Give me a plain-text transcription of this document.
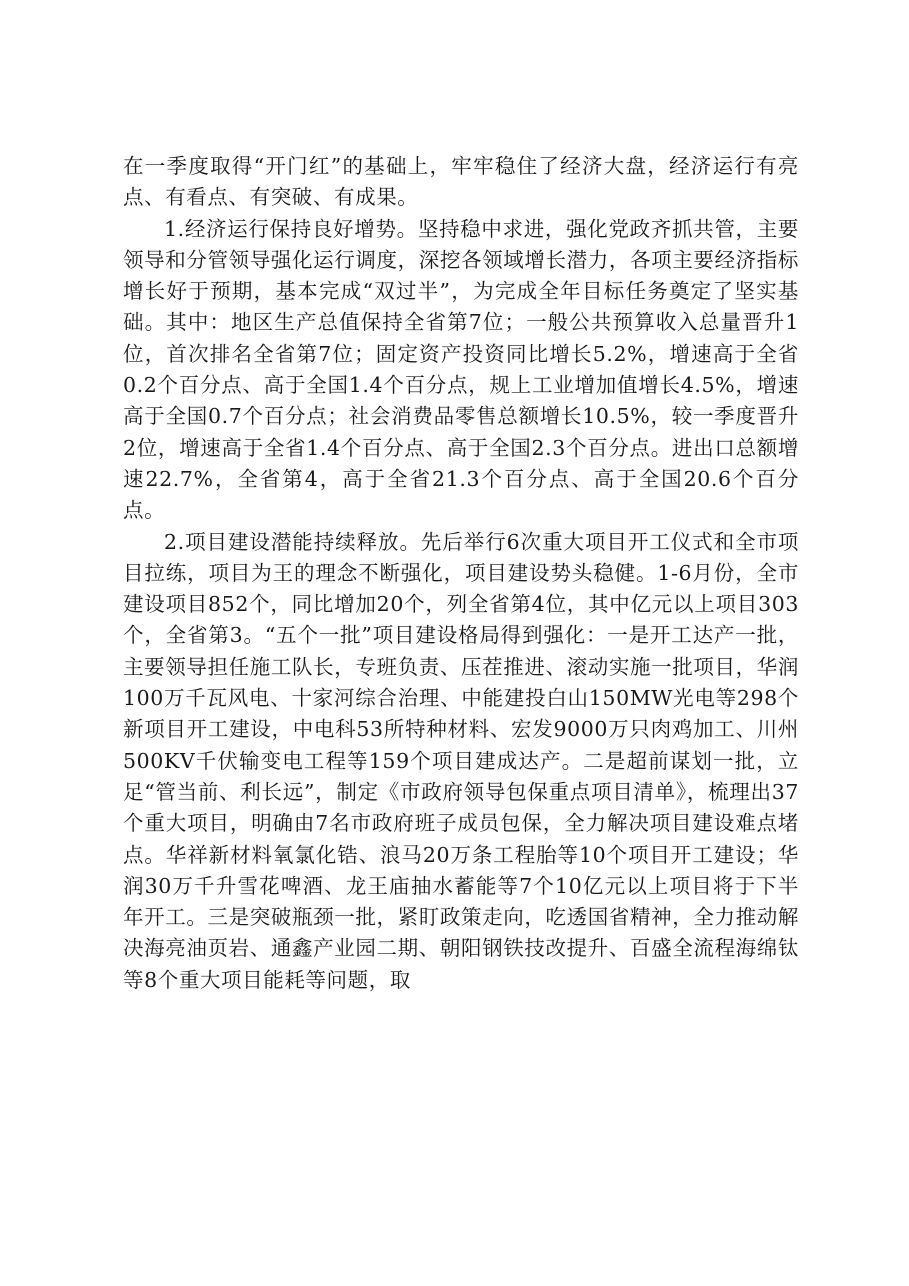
在一季度取得“开门红”的基础上，牢牢稳住了经济大盘，经济运行有亮点、有看点、有突破、有成果。

1.经济运行保持良好增势。坚持稳中求进，强化党政齐抓共管，主要领导和分管领导强化运行调度，深挖各领域增长潜力，各项主要经济指标增长好于预期，基本完成“双过半”，为完成全年目标任务奠定了坚实基础。其中：地区生产总值保持全省第7位；一般公共预算收入总量晋升1位，首次排名全省第7位；固定资产投资同比增长5.2%，增速高于全省0.2个百分点、高于全国1.4个百分点，规上工业增加值增长4.5%，增速高于全国0.7个百分点；社会消费品零售总额增长10.5%，较一季度晋升2位，增速高于全省1.4个百分点、高于全国2.3个百分点。进出口总额增速22.7%，全省第4，高于全省21.3个百分点、高于全国20.6个百分点。

2.项目建设潜能持续释放。先后举行6次重大项目开工仪式和全市项目拉练，项目为王的理念不断强化，项目建设势头稳健。1-6月份，全市建设项目852个，同比增加20个，列全省第4位，其中亿元以上项目303个，全省第3。“五个一批”项目建设格局得到强化：一是开工达产一批，主要领导担任施工队长，专班负责、压茬推进、滚动实施一批项目，华润100万千瓦风电、十家河综合治理、中能建投白山150MW光电等298个新项目开工建设，中电科53所特种材料、宏发9000万只肉鸡加工、川州500KV千伏输变电工程等159个项目建成达产。二是超前谋划一批，立足“管当前、利长远”，制定《市政府领导包保重点项目清单》，梳理出37个重大项目，明确由7名市政府班子成员包保，全力解决项目建设难点堵点。华祥新材料氧氯化锆、浪马20万条工程胎等10个项目开工建设；华润30万千升雪花啤酒、龙王庙抽水蓄能等7个10亿元以上项目将于下半年开工。三是突破瓶颈一批，紧盯政策走向，吃透国省精神，全力推动解决海亮油页岩、通鑫产业园二期、朝阳钢铁技改提升、百盛全流程海绵钛等8个重大项目能耗等问题，取
